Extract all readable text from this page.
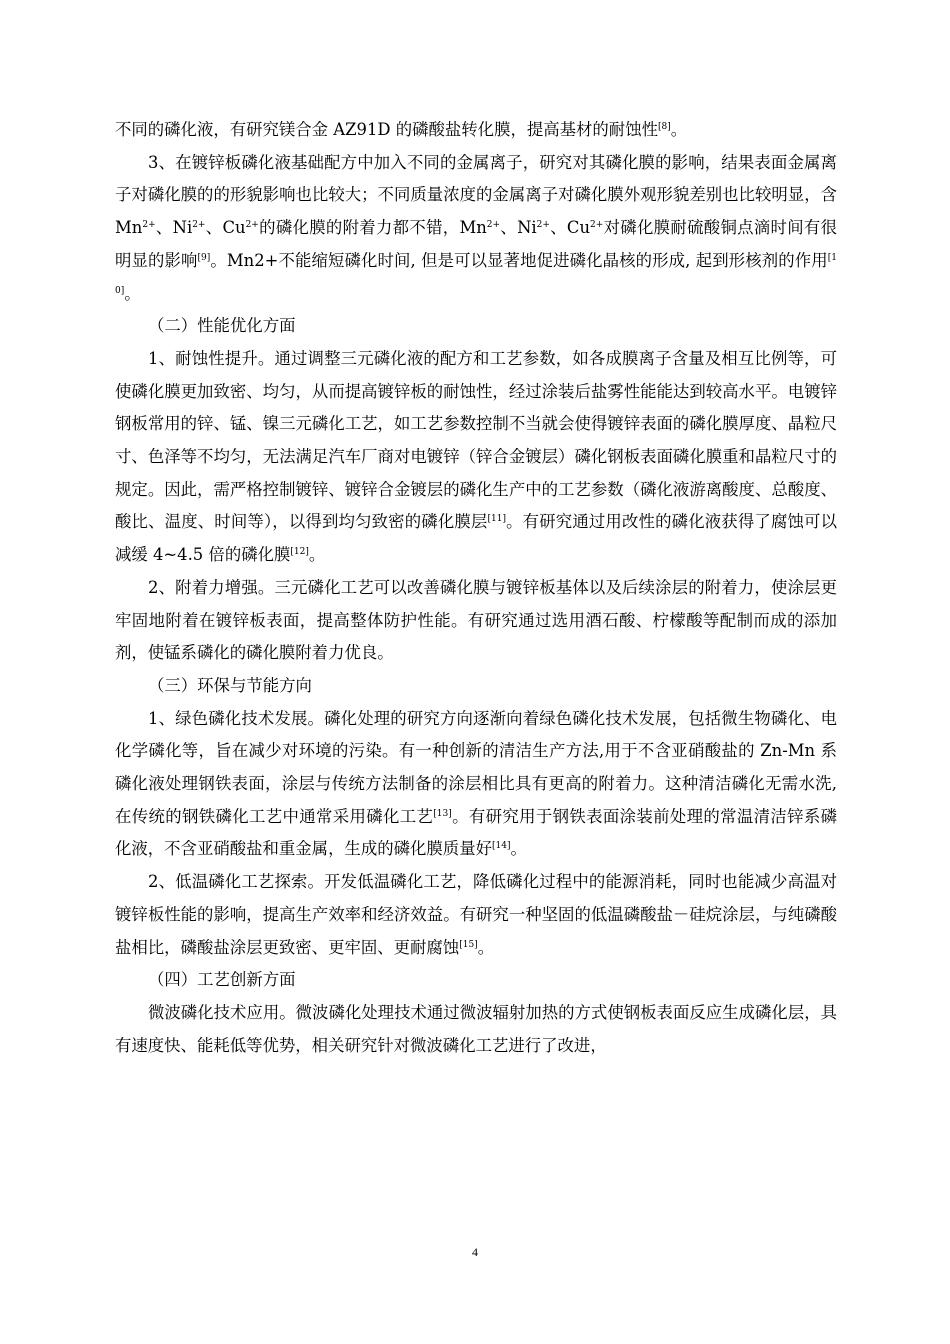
不同的磷化液，有研究镁合金 AZ91D 的磷酸盐转化膜，提高基材的耐蚀性[8]。

3、在镀锌板磷化液基础配方中加入不同的金属离子，研究对其磷化膜的影响，结果表面金属离子对磷化膜的的形貌影响也比较大；不同质量浓度的金属离子对磷化膜外观形貌差别也比较明显，含 $Mn^{2+}$、$Ni^{2+}$、$Cu^{2+}$的磷化膜的附着力都不错，$Mn^{2+}$、$Ni^{2+}$、$Cu^{2+}$对磷化膜耐硫酸铜点滴时间有很明显的影响[9]。Mn2+不能缩短磷化时间, 但是可以显著地促进磷化晶核的形成, 起到形核剂的作用[10]。

（二）性能优化方面

1、耐蚀性提升。通过调整三元磷化液的配方和工艺参数，如各成膜离子含量及相互比例等，可使磷化膜更加致密、均匀，从而提高镀锌板的耐蚀性，经过涂装后盐雾性能能达到较高水平。电镀锌钢板常用的锌、锰、镍三元磷化工艺，如工艺参数控制不当就会使得镀锌表面的磷化膜厚度、晶粒尺寸、色泽等不均匀，无法满足汽车厂商对电镀锌（锌合金镀层）磷化钢板表面磷化膜重和晶粒尺寸的规定。因此，需严格控制镀锌、镀锌合金镀层的磷化生产中的工艺参数（磷化液游离酸度、总酸度、酸比、温度、时间等），以得到均匀致密的磷化膜层[11]。有研究通过用改性的磷化液获得了腐蚀可以减缓 4~4.5 倍的磷化膜[12]。

2、附着力增强。三元磷化工艺可以改善磷化膜与镀锌板基体以及后续涂层的附着力，使涂层更牢固地附着在镀锌板表面，提高整体防护性能。有研究通过选用酒石酸、柠檬酸等配制而成的添加剂，使锰系磷化的磷化膜附着力优良。

（三）环保与节能方向

1、绿色磷化技术发展。磷化处理的研究方向逐渐向着绿色磷化技术发展，包括微生物磷化、电化学磷化等，旨在减少对环境的污染。有一种创新的清洁生产方法,用于不含亚硝酸盐的 Zn-Mn 系磷化液处理钢铁表面，涂层与传统方法制备的涂层相比具有更高的附着力。这种清洁磷化无需水洗,在传统的钢铁磷化工艺中通常采用磷化工艺[13]。有研究用于钢铁表面涂装前处理的常温清洁锌系磷化液，不含亚硝酸盐和重金属，生成的磷化膜质量好[14]。

2、低温磷化工艺探索。开发低温磷化工艺，降低磷化过程中的能源消耗，同时也能减少高温对镀锌板性能的影响，提高生产效率和经济效益。有研究一种坚固的低温磷酸盐－硅烷涂层，与纯磷酸盐相比，磷酸盐涂层更致密、更牢固、更耐腐蚀[15]。

（四）工艺创新方面

微波磷化技术应用。微波磷化处理技术通过微波辐射加热的方式使钢板表面反应生成磷化层，具有速度快、能耗低等优势，相关研究针对微波磷化工艺进行了改进，

4
